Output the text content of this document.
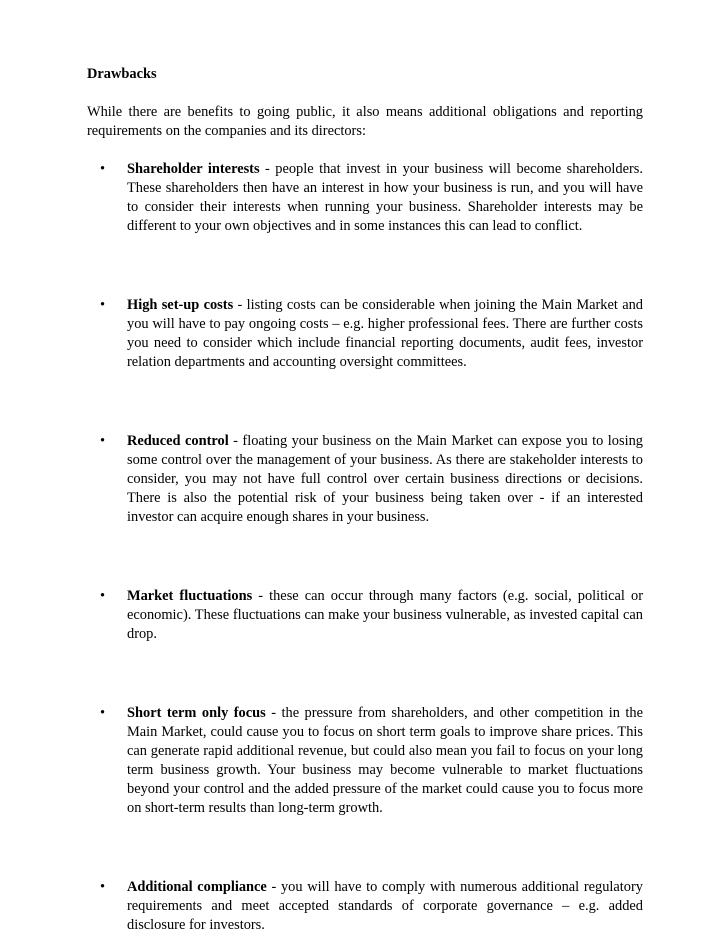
Drawbacks

While there are benefits to going public, it also means additional obligations and reporting requirements on the companies and its directors:

• Shareholder interests - people that invest in your business will become shareholders. These shareholders then have an interest in how your business is run, and you will have to consider their interests when running your business. Shareholder interests may be different to your own objectives and in some instances this can lead to conflict.
• High set-up costs - listing costs can be considerable when joining the Main Market and you will have to pay ongoing costs – e.g. higher professional fees. There are further costs you need to consider which include financial reporting documents, audit fees, investor relation departments and accounting oversight committees.
• Reduced control - floating your business on the Main Market can expose you to losing some control over the management of your business. As there are stakeholder interests to consider, you may not have full control over certain business directions or decisions. There is also the potential risk of your business being taken over - if an interested investor can acquire enough shares in your business.
• Market fluctuations - these can occur through many factors (e.g. social, political or economic). These fluctuations can make your business vulnerable, as invested capital can drop.
• Short term only focus - the pressure from shareholders, and other competition in the Main Market, could cause you to focus on short term goals to improve share prices. This can generate rapid additional revenue, but could also mean you fail to focus on your long term business growth. Your business may become vulnerable to market fluctuations beyond your control and the added pressure of the market could cause you to focus more on short-term results than long-term growth.
• Additional compliance - you will have to comply with numerous additional regulatory requirements and meet accepted standards of corporate governance – e.g. added disclosure for investors.
